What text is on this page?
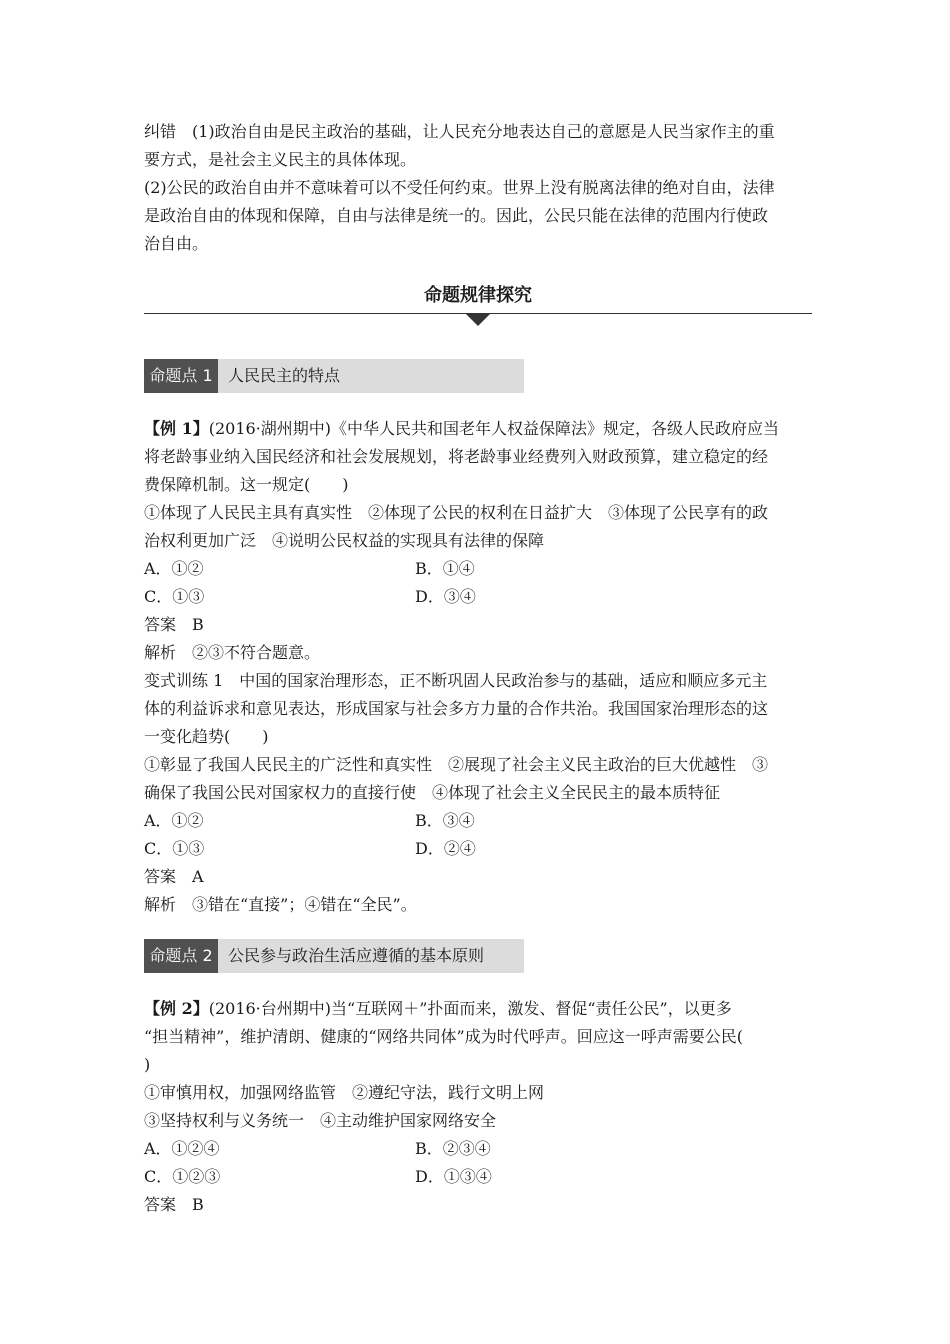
纠错　(1)政治自由是民主政治的基础，让人民充分地表达自己的意愿是人民当家作主的重
要方式，是社会主义民主的具体体现。
(2)公民的政治自由并不意味着可以不受任何约束。世界上没有脱离法律的绝对自由，法律
是政治自由的体现和保障，自由与法律是统一的。因此，公民只能在法律的范围内行使政
治自由。
命题规律探究
命题点 1 人民民主的特点
【例 1】(2016·湖州期中)《中华人民共和国老年人权益保障法》规定，各级人民政府应当
将老龄事业纳入国民经济和社会发展规划，将老龄事业经费列入财政预算，建立稳定的经
费保障机制。这一规定(　　)
①体现了人民民主具有真实性　②体现了公民的权利在日益扩大　③体现了公民享有的政
治权利更加广泛　④说明公民权益的实现具有法律的保障
A．①②	B．①④
C．①③	D．③④
答案　B
解析　②③不符合题意。
变式训练 1　中国的国家治理形态，正不断巩固人民政治参与的基础，适应和顺应多元主
体的利益诉求和意见表达，形成国家与社会多方力量的合作共治。我国国家治理形态的这
一变化趋势(　　)
①彰显了我国人民民主的广泛性和真实性　②展现了社会主义民主政治的巨大优越性　③
确保了我国公民对国家权力的直接行使　④体现了社会主义全民民主的最本质特征
A．①②	B．③④
C．①③	D．②④
答案　A
解析　③错在“直接”；④错在“全民”。
命题点 2 公民参与政治生活应遵循的基本原则
【例 2】(2016·台州期中)当“互联网＋”扑面而来，激发、督促“责任公民”，以更多
“担当精神”，维护清朗、健康的“网络共同体”成为时代呼声。回应这一呼声需要公民(
)
①审慎用权，加强网络监管　②遵纪守法，践行文明上网
③坚持权利与义务统一　④主动维护国家网络安全
A．①②④	B．②③④
C．①②③	D．①③④
答案　B
